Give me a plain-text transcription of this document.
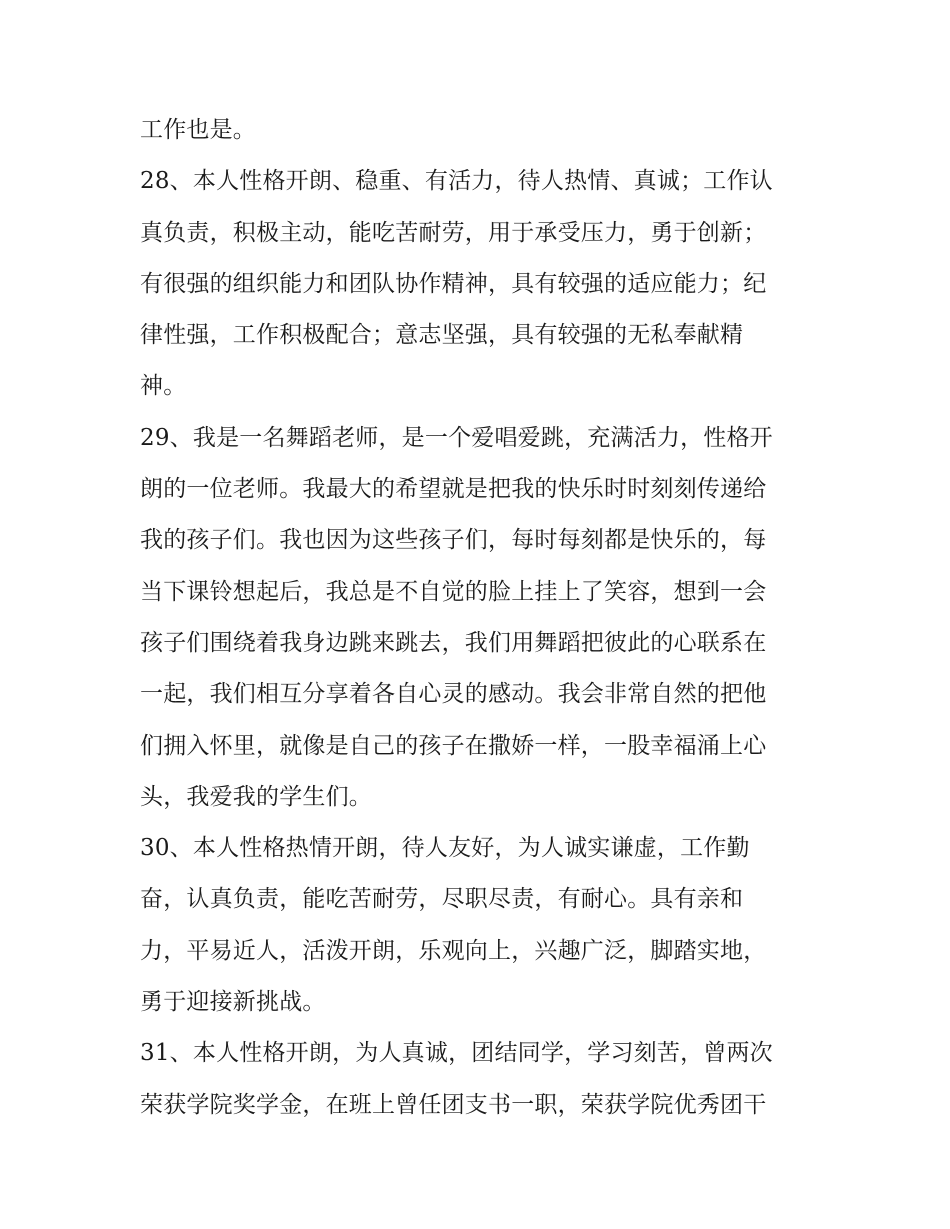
工作也是。
28、本人性格开朗、稳重、有活力，待人热情、真诚；工作认
真负责，积极主动，能吃苦耐劳，用于承受压力，勇于创新；
有很强的组织能力和团队协作精神，具有较强的适应能力；纪
律性强，工作积极配合；意志坚强，具有较强的无私奉献精
神。
29、我是一名舞蹈老师，是一个爱唱爱跳，充满活力，性格开
朗的一位老师。我最大的希望就是把我的快乐时时刻刻传递给
我的孩子们。我也因为这些孩子们，每时每刻都是快乐的，每
当下课铃想起后，我总是不自觉的脸上挂上了笑容，想到一会
孩子们围绕着我身边跳来跳去，我们用舞蹈把彼此的心联系在
一起，我们相互分享着各自心灵的感动。我会非常自然的把他
们拥入怀里，就像是自己的孩子在撒娇一样，一股幸福涌上心
头，我爱我的学生们。
30、本人性格热情开朗，待人友好，为人诚实谦虚，工作勤
奋，认真负责，能吃苦耐劳，尽职尽责，有耐心。具有亲和
力，平易近人，活泼开朗，乐观向上，兴趣广泛，脚踏实地，
勇于迎接新挑战。
31、本人性格开朗，为人真诚，团结同学，学习刻苦，曾两次
荣获学院奖学金，在班上曾任团支书一职，荣获学院优秀团干
